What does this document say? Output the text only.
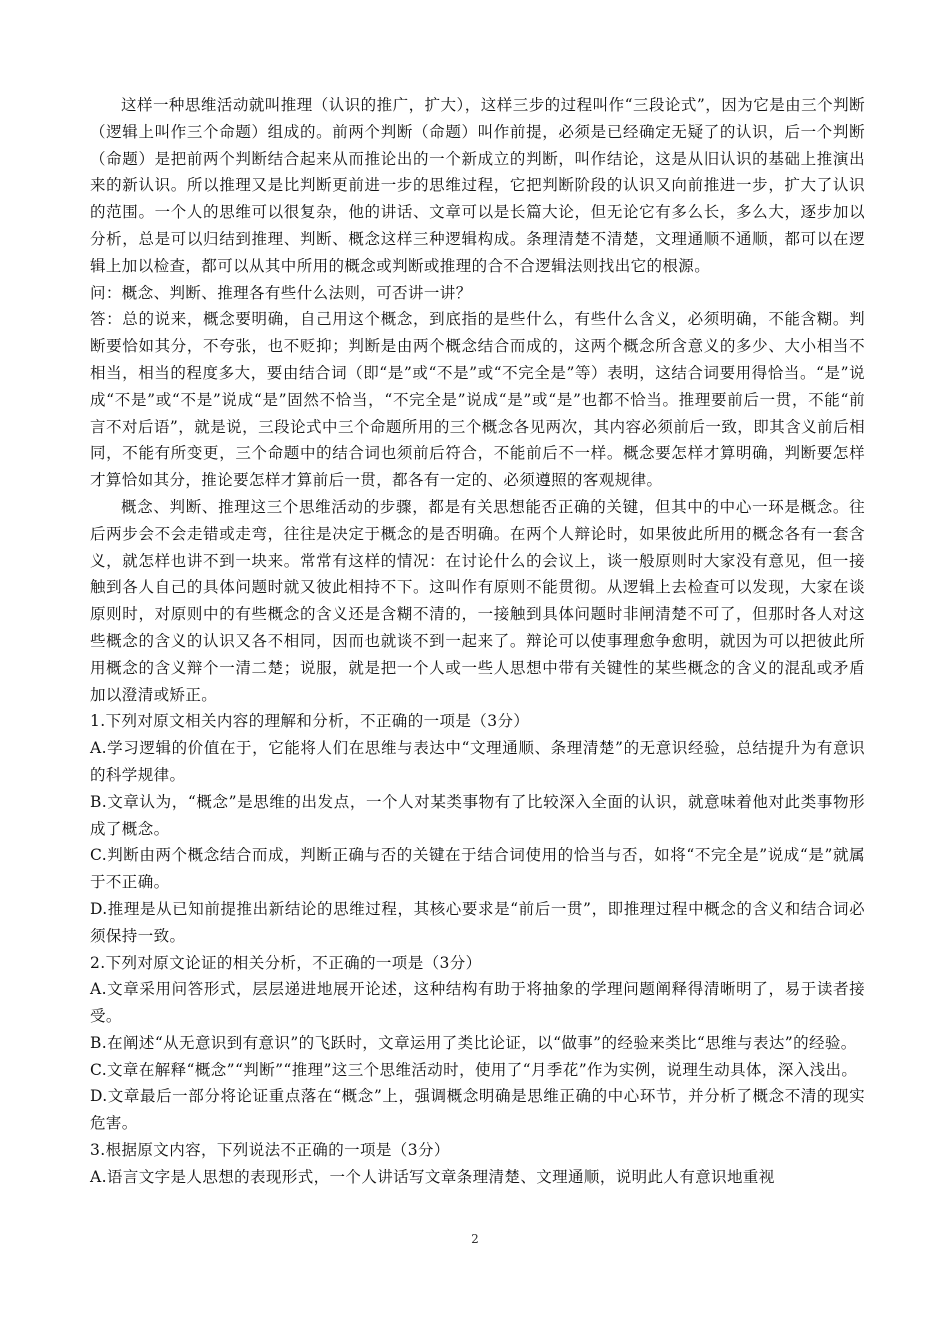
这样一种思维活动就叫推理（认识的推广，扩大），这样三步的过程叫作“三段论式”，因为它是由三个判断（逻辑上叫作三个命题）组成的。前两个判断（命题）叫作前提，必须是已经确定无疑了的认识，后一个判断（命题）是把前两个判断结合起来从而推论出的一个新成立的判断，叫作结论，这是从旧认识的基础上推演出来的新认识。所以推理又是比判断更前进一步的思维过程，它把判断阶段的认识又向前推进一步，扩大了认识的范围。一个人的思维可以很复杂，他的讲话、文章可以是长篇大论，但无论它有多么长，多么大，逐步加以分析，总是可以归结到推理、判断、概念这样三种逻辑构成。条理清楚不清楚，文理通顺不通顺，都可以在逻辑上加以检查，都可以从其中所用的概念或判断或推理的合不合逻辑法则找出它的根源。

问：概念、判断、推理各有些什么法则，可否讲一讲？

答：总的说来，概念要明确，自己用这个概念，到底指的是些什么，有些什么含义，必须明确，不能含糊。判断要恰如其分，不夸张，也不贬抑；判断是由两个概念结合而成的，这两个概念所含意义的多少、大小相当不相当，相当的程度多大，要由结合词（即“是”或“不是”或“不完全是”等）表明，这结合词要用得恰当。“是”说成“不是”或“不是”说成“是”固然不恰当，“不完全是”说成“是”或“是”也都不恰当。推理要前后一贯，不能“前言不对后语”，就是说，三段论式中三个命题所用的三个概念各见两次，其内容必须前后一致，即其含义前后相同，不能有所变更，三个命题中的结合词也须前后符合，不能前后不一样。概念要怎样才算明确，判断要怎样才算恰如其分，推论要怎样才算前后一贯，都各有一定的、必须遵照的客观规律。

概念、判断、推理这三个思维活动的步骤，都是有关思想能否正确的关键，但其中的中心一环是概念。往后两步会不会走错或走弯，往往是决定于概念的是否明确。在两个人辩论时，如果彼此所用的概念各有一套含义，就怎样也讲不到一块来。常常有这样的情况：在讨论什么的会议上，谈一般原则时大家没有意见，但一接触到各人自己的具体问题时就又彼此相持不下。这叫作有原则不能贯彻。从逻辑上去检查可以发现，大家在谈原则时，对原则中的有些概念的含义还是含糊不清的，一接触到具体问题时非闸清楚不可了，但那时各人对这些概念的含义的认识又各不相同，因而也就谈不到一起来了。辩论可以使事理愈争愈明，就因为可以把彼此所用概念的含义辩个一清二楚；说服，就是把一个人或一些人思想中带有关键性的某些概念的含义的混乱或矛盾加以澄清或矫正。

1.下列对原文相关内容的理解和分析，不正确的一项是（3分）

A.学习逻辑的价值在于，它能将人们在思维与表达中“文理通顺、条理清楚”的无意识经验，总结提升为有意识的科学规律。

B.文章认为，“概念”是思维的出发点，一个人对某类事物有了比较深入全面的认识，就意味着他对此类事物形成了概念。

C.判断由两个概念结合而成，判断正确与否的关键在于结合词使用的恰当与否，如将“不完全是”说成“是”就属于不正确。

D.推理是从已知前提推出新结论的思维过程，其核心要求是“前后一贯”，即推理过程中概念的含义和结合词必须保持一致。

2.下列对原文论证的相关分析，不正确的一项是（3分）

A.文章采用问答形式，层层递进地展开论述，这种结构有助于将抽象的学理问题阐释得清晰明了，易于读者接受。

B.在阐述“从无意识到有意识”的飞跃时，文章运用了类比论证，以“做事”的经验来类比“思维与表达”的经验。

C.文章在解释“概念”“判断”“推理”这三个思维活动时，使用了“月季花”作为实例，说理生动具体，深入浅出。

D.文章最后一部分将论证重点落在“概念”上，强调概念明确是思维正确的中心环节，并分析了概念不清的现实危害。

3.根据原文内容，下列说法不正确的一项是（3分）

A.语言文字是人思想的表现形式，一个人讲话写文章条理清楚、文理通顺，说明此人有意识地重视

2
